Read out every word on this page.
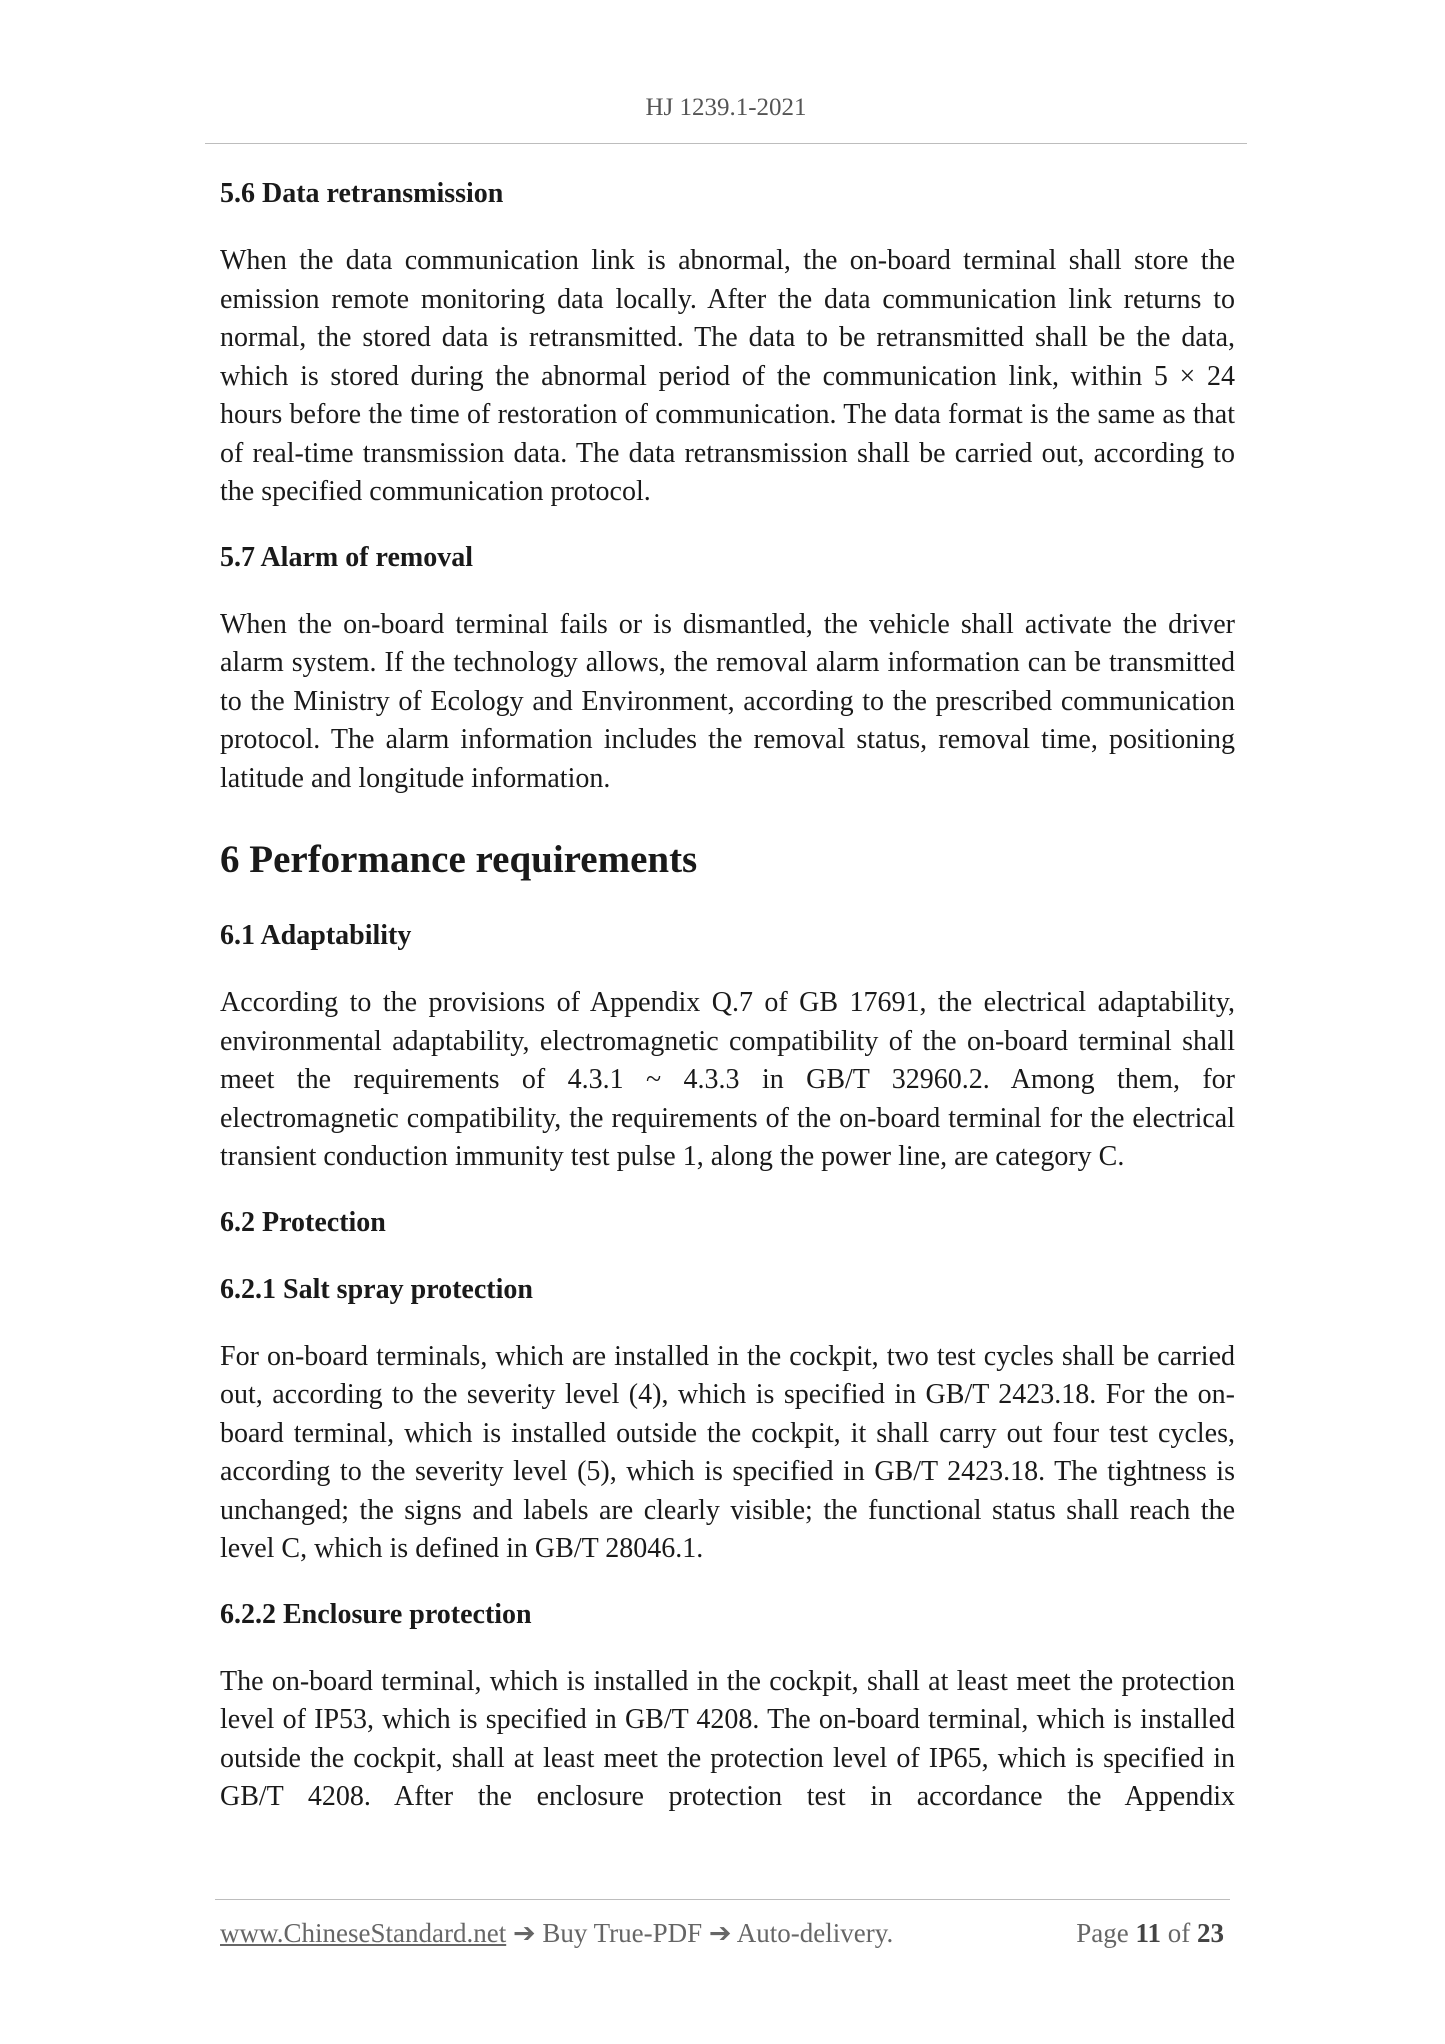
HJ 1239.1-2021
5.6 Data retransmission

When the data communication link is abnormal, the on-board terminal shall store the emission remote monitoring data locally. After the data communication link returns to normal, the stored data is retransmitted. The data to be retransmitted shall be the data, which is stored during the abnormal period of the communication link, within 5 × 24 hours before the time of restoration of communication. The data format is the same as that of real-time transmission data. The data retransmission shall be carried out, according to the specified communication protocol.

5.7 Alarm of removal

When the on-board terminal fails or is dismantled, the vehicle shall activate the driver alarm system. If the technology allows, the removal alarm information can be transmitted to the Ministry of Ecology and Environment, according to the prescribed communication protocol. The alarm information includes the removal status, removal time, positioning latitude and longitude information.

6 Performance requirements
6.1 Adaptability

According to the provisions of Appendix Q.7 of GB 17691, the electrical adaptability, environmental adaptability, electromagnetic compatibility of the on-board terminal shall meet the requirements of 4.3.1 ~ 4.3.3 in GB/T 32960.2. Among them, for electromagnetic compatibility, the requirements of the on-board terminal for the electrical transient conduction immunity test pulse 1, along the power line, are category C.

6.2 Protection
6.2.1 Salt spray protection

For on-board terminals, which are installed in the cockpit, two test cycles shall be carried out, according to the severity level (4), which is specified in GB/T 2423.18. For the on-board terminal, which is installed outside the cockpit, it shall carry out four test cycles, according to the severity level (5), which is specified in GB/T 2423.18. The tightness is unchanged; the signs and labels are clearly visible; the functional status shall reach the level C, which is defined in GB/T 28046.1.

6.2.2 Enclosure protection

The on-board terminal, which is installed in the cockpit, shall at least meet the protection level of IP53, which is specified in GB/T 4208. The on-board terminal, which is installed outside the cockpit, shall at least meet the protection level of IP65, which is specified in GB/T 4208. After the enclosure protection test in accordance the Appendix

www.ChineseStandard.net ➔ Buy True-PDF ➔ Auto-delivery.	Page 11 of 23
